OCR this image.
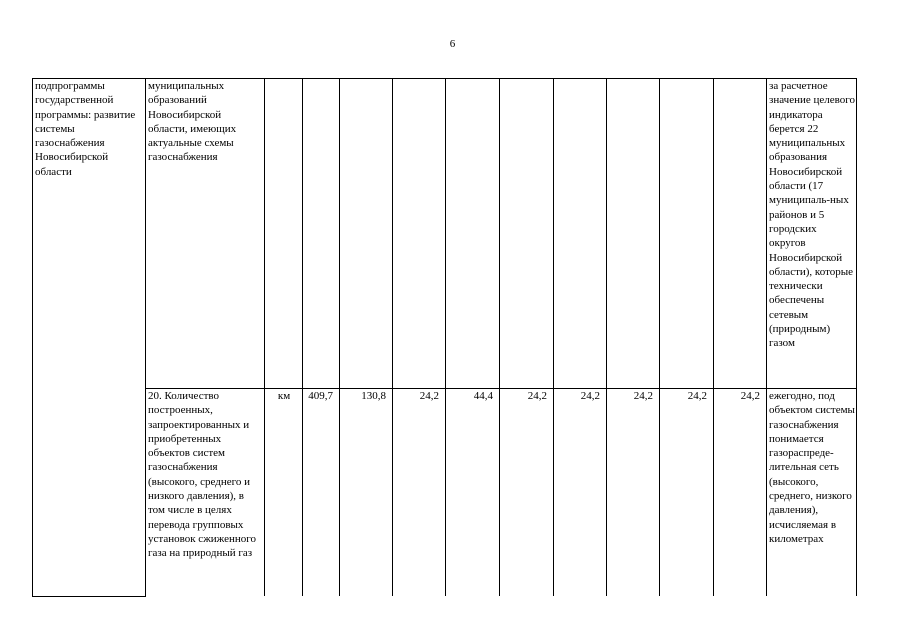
6
подпрограммы государственной программы: развитие системы газоснабжения Новосибирской области	муниципальных образований Новосибирской области, имеющих актуальные схемы газоснабжения											за расчетное значение целевого индикатора берется 22 муниципальных образования Новосибирской области (17 муниципаль-ных районов и 5 городских округов Новосибирской области), которые технически обеспечены сетевым (природным) газом
	20. Количество построенных, запроектированных и приобретенных объектов систем газоснабжения (высокого, среднего и низкого давления), в том числе в целях перевода групповых установок сжиженного газа на природный газ	км	409,7	130,8	24,2	44,4	24,2	24,2	24,2	24,2	24,2	ежегодно, под объектом системы газоснабжения понимается газораспреде-лительная сеть (высокого, среднего, низкого давления), исчисляемая в километрах
